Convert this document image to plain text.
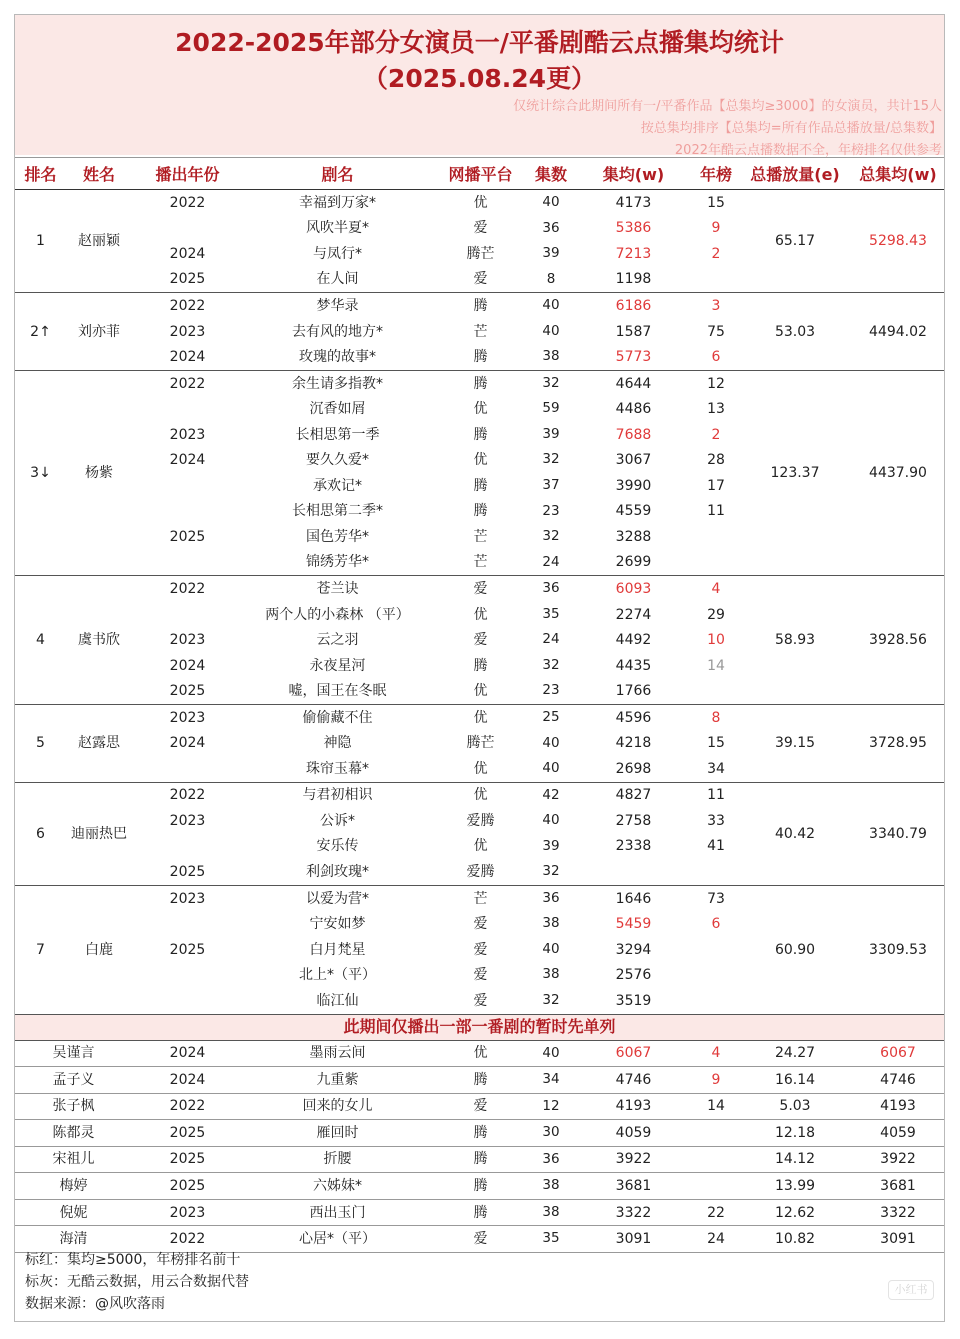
2022-2025年部分女演员一/平番剧酷云点播集均统计
（2025.08.24更）
仅统计综合此期间所有一/平番作品【总集均≥3000】的女演员，共计15人
按总集均排序【总集均=所有作品总播放量/总集数】
2022年酷云点播数据不全，年榜排名仅供参考
排名	姓名	播出年份	剧名	网播平台	集数	集均(w)	年榜	总播放量(e)	总集均(w)
1	赵丽颖	2022	幸福到万家*	优	40	4173	15	65.17	5298.43
			风吹半夏*	爱	36	5386	9		
		2024	与凤行*	腾芒	39	7213	2		
		2025	在人间	爱	8	1198			
2↑	刘亦菲	2022	梦华录	腾	40	6186	3	53.03	4494.02
		2023	去有风的地方*	芒	40	1587	75		
		2024	玫瑰的故事*	腾	38	5773	6		
3↓	杨紫	2022	余生请多指教*	腾	32	4644	12	123.37	4437.90
			沉香如屑	优	59	4486	13		
		2023	长相思第一季	腾	39	7688	2		
		2024	要久久爱*	优	32	3067	28		
			承欢记*	腾	37	3990	17		
			长相思第二季*	腾	23	4559	11		
		2025	国色芳华*	芒	32	3288			
			锦绣芳华*	芒	24	2699			
4	虞书欣	2022	苍兰诀	爱	36	6093	4	58.93	3928.56
			两个人的小森林 （平）	优	35	2274	29		
		2023	云之羽	爱	24	4492	10		
		2024	永夜星河	腾	32	4435	14		
		2025	嘘，国王在冬眠	优	23	1766			
5	赵露思	2023	偷偷藏不住	优	25	4596	8	39.15	3728.95
		2024	神隐	腾芒	40	4218	15		
			珠帘玉幕*	优	40	2698	34		
6	迪丽热巴	2022	与君初相识	优	42	4827	11	40.42	3340.79
		2023	公诉*	爱腾	40	2758	33		
			安乐传	优	39	2338	41		
		2025	利剑玫瑰*	爱腾	32				
7	白鹿	2023	以爱为营*	芒	36	1646	73	60.90	3309.53
			宁安如梦	爱	38	5459	6		
		2025	白月梵星	爱	40	3294			
			北上*（平）	爱	38	2576			
			临江仙	爱	32	3519			
此期间仅播出一部一番剧的暂时先单列									
吴谨言		2024	墨雨云间	优	40	6067	4	24.27	6067
孟子义		2024	九重紫	腾	34	4746	9	16.14	4746
张子枫		2022	回来的女儿	爱	12	4193	14	5.03	4193
陈都灵		2025	雁回时	腾	30	4059		12.18	4059
宋祖儿		2025	折腰	腾	36	3922		14.12	3922
梅婷		2025	六姊妹*	腾	38	3681		13.99	3681
倪妮		2023	西出玉门	腾	38	3322	22	12.62	3322
海清		2022	心居*（平）	爱	35	3091	24	10.82	3091
标红：集均≥5000，年榜排名前十
标灰：无酷云数据，用云合数据代替
数据来源：@风吹落雨
小红书
